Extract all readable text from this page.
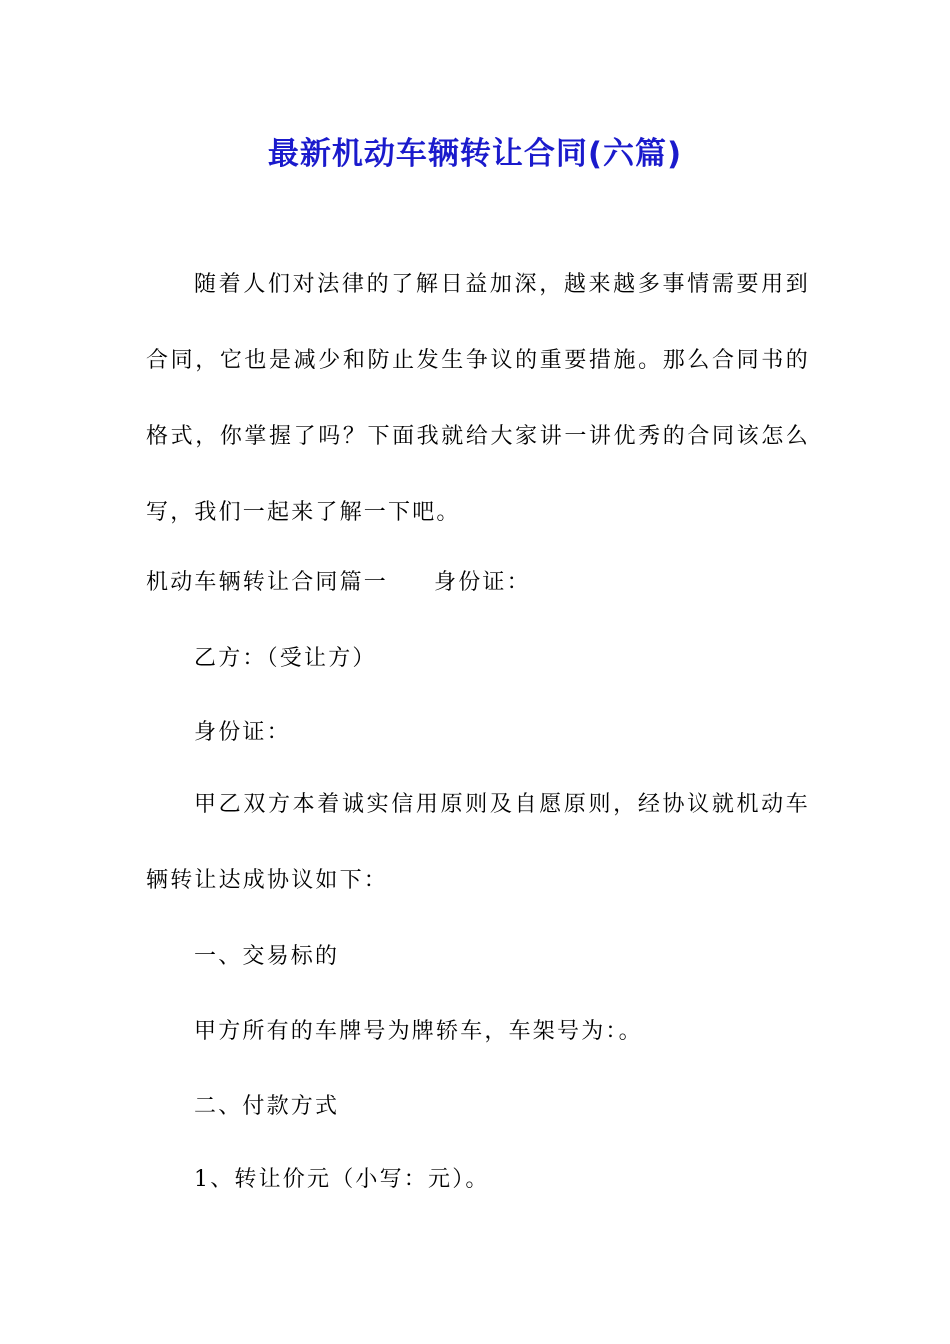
最新机动车辆转让合同(六篇)

随着人们对法律的了解日益加深，越来越多事情需要用到合同，它也是减少和防止发生争议的重要措施。那么合同书的格式，你掌握了吗？下面我就给大家讲一讲优秀的合同该怎么写，我们一起来了解一下吧。

机动车辆转让合同篇一 身份证：

乙方：（受让方）

身份证：

甲乙双方本着诚实信用原则及自愿原则，经协议就机动车辆转让达成协议如下：

一、交易标的

甲方所有的车牌号为牌轿车，车架号为：。

二、付款方式

1、转让价元（小写：元）。
